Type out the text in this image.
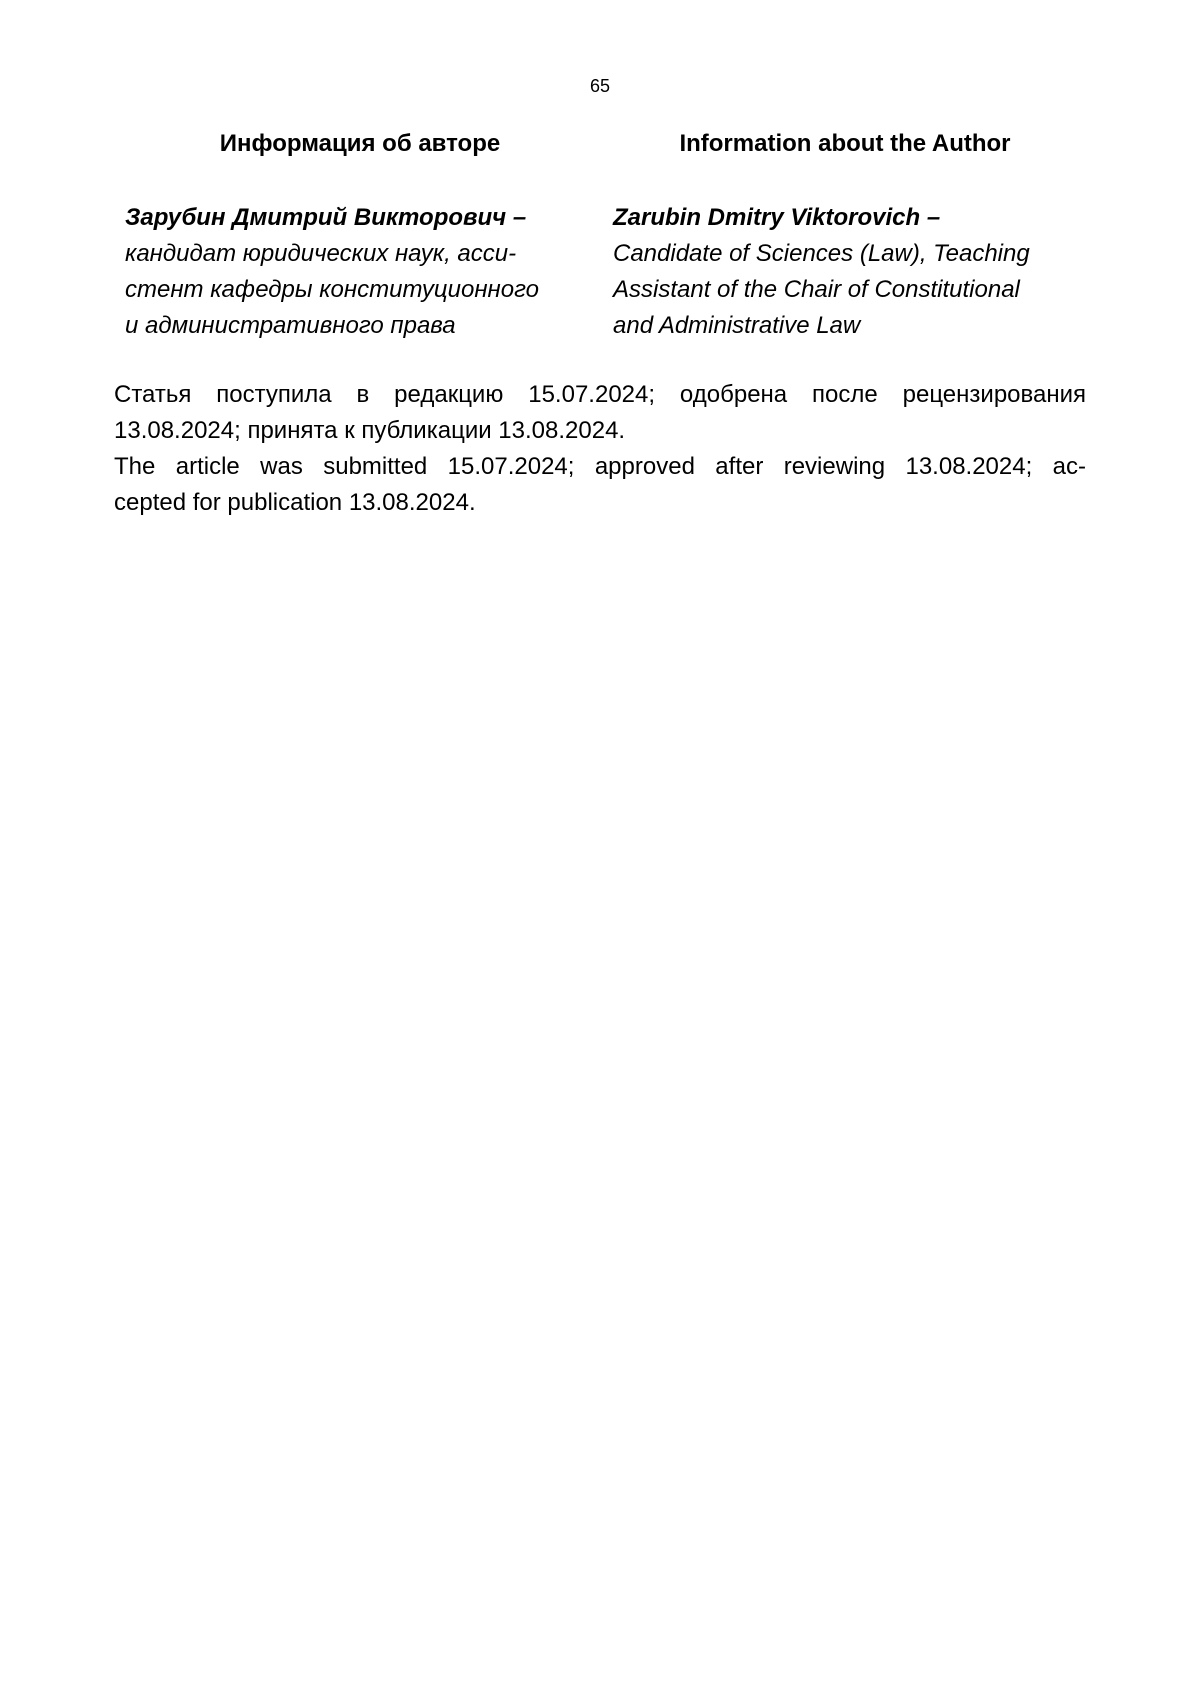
65
Информация об авторе	Information about the Author
Зарубин Дмитрий Викторович –
кандидат юридических наук, асси-
стент кафедры конституционного
и административного права
Zarubin Dmitry Viktorovich –
Candidate of Sciences (Law), Teaching
Assistant of the Chair of Constitutional
and Administrative Law
Статья поступила в редакцию 15.07.2024; одобрена после рецензирования
13.08.2024; принята к публикации 13.08.2024.
The article was submitted 15.07.2024; approved after reviewing 13.08.2024; ac-
cepted for publication 13.08.2024.
